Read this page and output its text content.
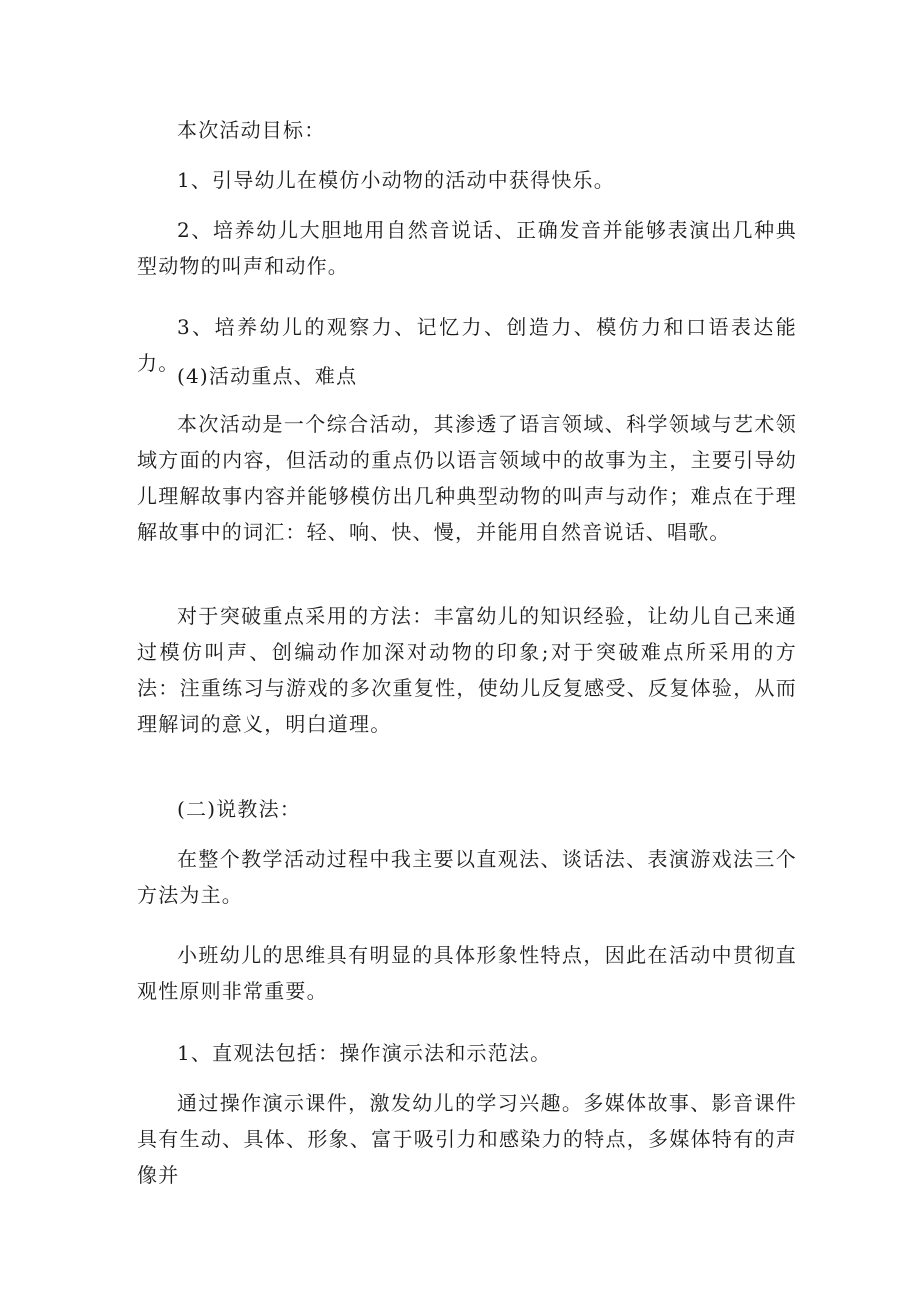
本次活动目标：

1、引导幼儿在模仿小动物的活动中获得快乐。

2、培养幼儿大胆地用自然音说话、正确发音并能够表演出几种典型动物的叫声和动作。

3、培养幼儿的观察力、记忆力、创造力、模仿力和口语表达能力。

(4)活动重点、难点

本次活动是一个综合活动，其渗透了语言领域、科学领域与艺术领域方面的内容，但活动的重点仍以语言领域中的故事为主，主要引导幼儿理解故事内容并能够模仿出几种典型动物的叫声与动作；难点在于理解故事中的词汇：轻、响、快、慢，并能用自然音说话、唱歌。

对于突破重点采用的方法：丰富幼儿的知识经验，让幼儿自己来通过模仿叫声、创编动作加深对动物的印象;对于突破难点所采用的方法：注重练习与游戏的多次重复性，使幼儿反复感受、反复体验，从而理解词的意义，明白道理。

(二)说教法：

在整个教学活动过程中我主要以直观法、谈话法、表演游戏法三个方法为主。

小班幼儿的思维具有明显的具体形象性特点，因此在活动中贯彻直观性原则非常重要。

1、直观法包括：操作演示法和示范法。

通过操作演示课件，激发幼儿的学习兴趣。多媒体故事、影音课件具有生动、具体、形象、富于吸引力和感染力的特点，多媒体特有的声像并
